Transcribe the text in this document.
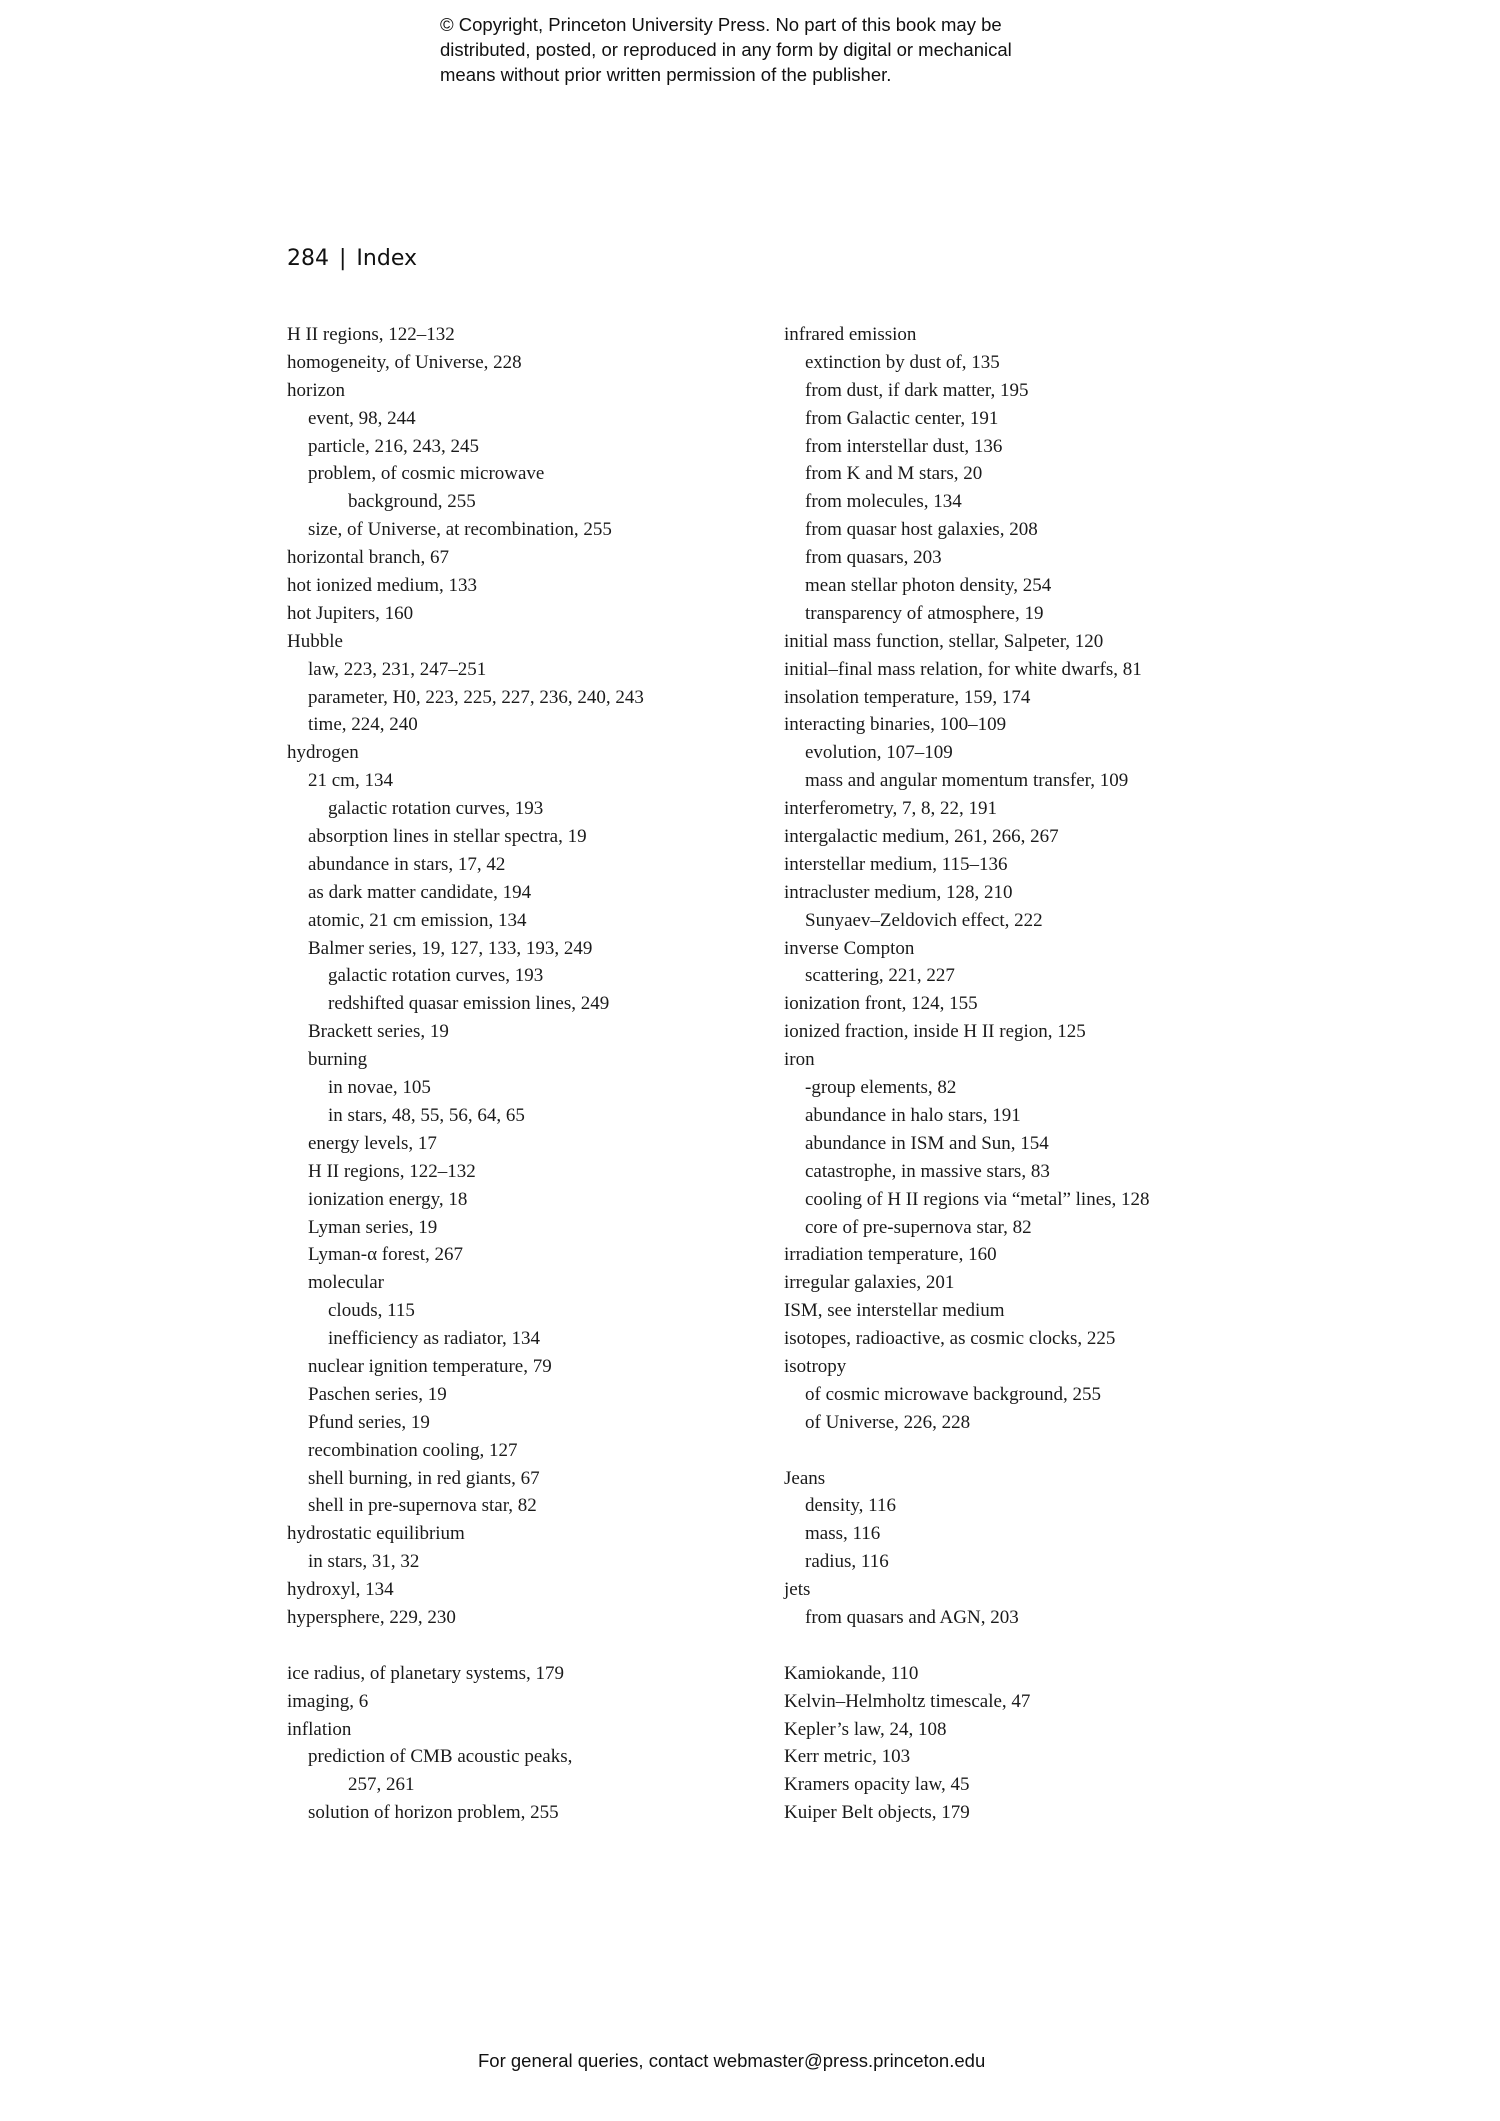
© Copyright, Princeton University Press. No part of this book may be
distributed, posted, or reproduced in any form by digital or mechanical
means without prior written permission of the publisher.
284 | Index
H II regions, 122–132
homogeneity, of Universe, 228
horizon
event, 98, 244
particle, 216, 243, 245
problem, of cosmic microwave
background, 255
size, of Universe, at recombination, 255
horizontal branch, 67
hot ionized medium, 133
hot Jupiters, 160
Hubble
law, 223, 231, 247–251
parameter, H0, 223, 225, 227, 236, 240, 243
time, 224, 240
hydrogen
21 cm, 134
galactic rotation curves, 193
absorption lines in stellar spectra, 19
abundance in stars, 17, 42
as dark matter candidate, 194
atomic, 21 cm emission, 134
Balmer series, 19, 127, 133, 193, 249
galactic rotation curves, 193
redshifted quasar emission lines, 249
Brackett series, 19
burning
in novae, 105
in stars, 48, 55, 56, 64, 65
energy levels, 17
H II regions, 122–132
ionization energy, 18
Lyman series, 19
Lyman-α forest, 267
molecular
clouds, 115
inefficiency as radiator, 134
nuclear ignition temperature, 79
Paschen series, 19
Pfund series, 19
recombination cooling, 127
shell burning, in red giants, 67
shell in pre-supernova star, 82
hydrostatic equilibrium
in stars, 31, 32
hydroxyl, 134
hypersphere, 229, 230
ice radius, of planetary systems, 179
imaging, 6
inflation
prediction of CMB acoustic peaks,
257, 261
solution of horizon problem, 255
infrared emission
extinction by dust of, 135
from dust, if dark matter, 195
from Galactic center, 191
from interstellar dust, 136
from K and M stars, 20
from molecules, 134
from quasar host galaxies, 208
from quasars, 203
mean stellar photon density, 254
transparency of atmosphere, 19
initial mass function, stellar, Salpeter, 120
initial–final mass relation, for white dwarfs, 81
insolation temperature, 159, 174
interacting binaries, 100–109
evolution, 107–109
mass and angular momentum transfer, 109
interferometry, 7, 8, 22, 191
intergalactic medium, 261, 266, 267
interstellar medium, 115–136
intracluster medium, 128, 210
Sunyaev–Zeldovich effect, 222
inverse Compton
scattering, 221, 227
ionization front, 124, 155
ionized fraction, inside H II region, 125
iron
-group elements, 82
abundance in halo stars, 191
abundance in ISM and Sun, 154
catastrophe, in massive stars, 83
cooling of H II regions via “metal” lines, 128
core of pre-supernova star, 82
irradiation temperature, 160
irregular galaxies, 201
ISM, see interstellar medium
isotopes, radioactive, as cosmic clocks, 225
isotropy
of cosmic microwave background, 255
of Universe, 226, 228
Jeans
density, 116
mass, 116
radius, 116
jets
from quasars and AGN, 203
Kamiokande, 110
Kelvin–Helmholtz timescale, 47
Kepler’s law, 24, 108
Kerr metric, 103
Kramers opacity law, 45
Kuiper Belt objects, 179
For general queries, contact webmaster@press.princeton.edu
